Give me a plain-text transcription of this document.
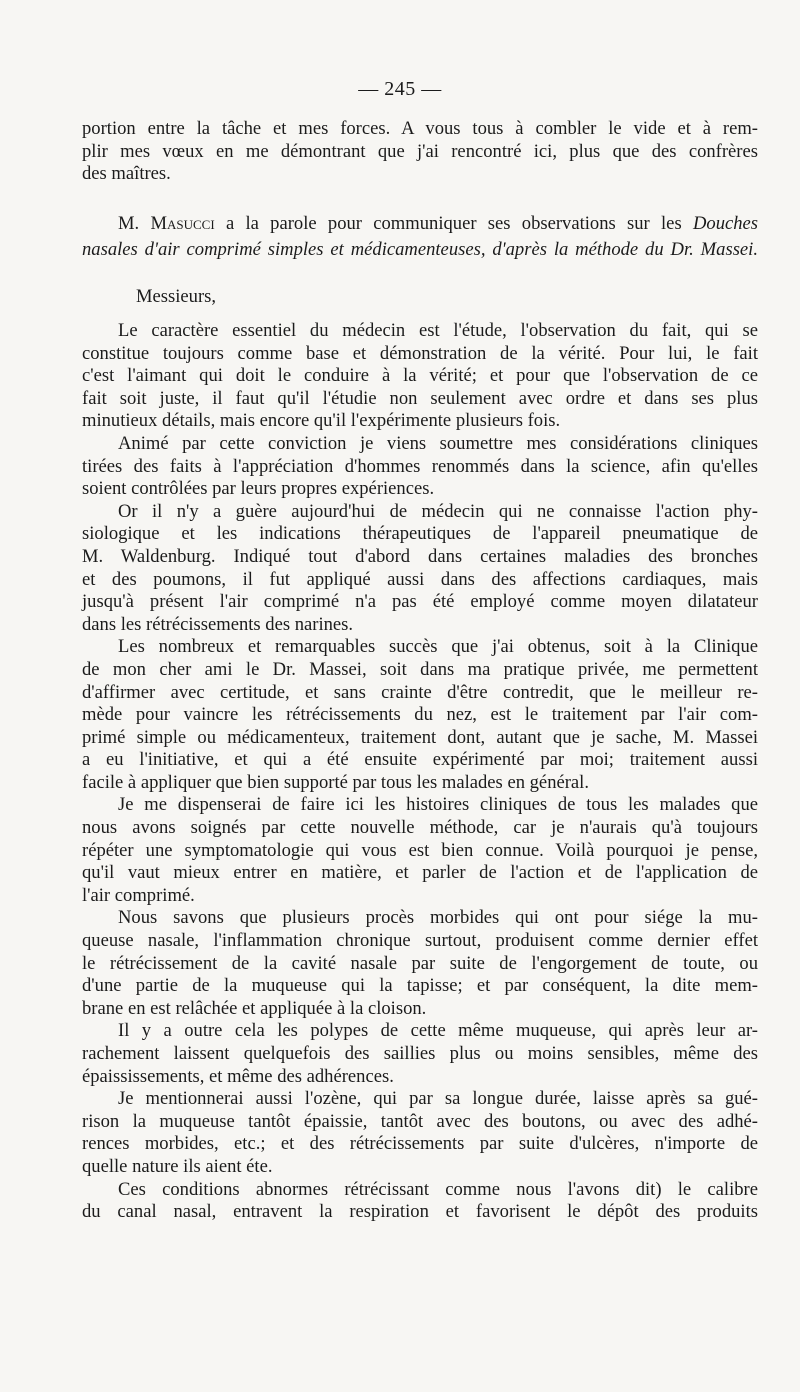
— 245 —
portion entre la tâche et mes forces. A vous tous à combler le vide et à rem-
plir mes vœux en me démontrant que j'ai rencontré ici, plus que des confrères
des maîtres.
M. Masucci a la parole pour communiquer ses observations sur les Douches
nasales d'air comprimé simples et médicamenteuses, d'après la méthode du Dr. Massei.
Messieurs,
Le caractère essentiel du médecin est l'étude, l'observation du fait, qui se
constitue toujours comme base et démonstration de la vérité. Pour lui, le fait
c'est l'aimant qui doit le conduire à la vérité; et pour que l'observation de ce
fait soit juste, il faut qu'il l'étudie non seulement avec ordre et dans ses plus
minutieux détails, mais encore qu'il l'expérimente plusieurs fois.
Animé par cette conviction je viens soumettre mes considérations cliniques
tirées des faits à l'appréciation d'hommes renommés dans la science, afin qu'elles
soient contrôlées par leurs propres expériences.
Or il n'y a guère aujourd'hui de médecin qui ne connaisse l'action phy-
siologique et les indications thérapeutiques de l'appareil pneumatique de
M. Waldenburg. Indiqué tout d'abord dans certaines maladies des bronches
et des poumons, il fut appliqué aussi dans des affections cardiaques, mais
jusqu'à présent l'air comprimé n'a pas été employé comme moyen dilatateur
dans les rétrécissements des narines.
Les nombreux et remarquables succès que j'ai obtenus, soit à la Clinique
de mon cher ami le Dr. Massei, soit dans ma pratique privée, me permettent
d'affirmer avec certitude, et sans crainte d'être contredit, que le meilleur re-
mède pour vaincre les rétrécissements du nez, est le traitement par l'air com-
primé simple ou médicamenteux, traitement dont, autant que je sache, M. Massei
a eu l'initiative, et qui a été ensuite expérimenté par moi; traitement aussi
facile à appliquer que bien supporté par tous les malades en général.
Je me dispenserai de faire ici les histoires cliniques de tous les malades que
nous avons soignés par cette nouvelle méthode, car je n'aurais qu'à toujours
répéter une symptomatologie qui vous est bien connue. Voilà pourquoi je pense,
qu'il vaut mieux entrer en matière, et parler de l'action et de l'application de
l'air comprimé.
Nous savons que plusieurs procès morbides qui ont pour siége la mu-
queuse nasale, l'inflammation chronique surtout, produisent comme dernier effet
le rétrécissement de la cavité nasale par suite de l'engorgement de toute, ou
d'une partie de la muqueuse qui la tapisse; et par conséquent, la dite mem-
brane en est relâchée et appliquée à la cloison.
Il y a outre cela les polypes de cette même muqueuse, qui après leur ar-
rachement laissent quelquefois des saillies plus ou moins sensibles, même des
épaississements, et même des adhérences.
Je mentionnerai aussi l'ozène, qui par sa longue durée, laisse après sa gué-
rison la muqueuse tantôt épaissie, tantôt avec des boutons, ou avec des adhé-
rences morbides, etc.; et des rétrécissements par suite d'ulcères, n'importe de
quelle nature ils aient éte.
Ces conditions abnormes rétrécissant comme nous l'avons dit) le calibre
du canal nasal, entravent la respiration et favorisent le dépôt des produits
